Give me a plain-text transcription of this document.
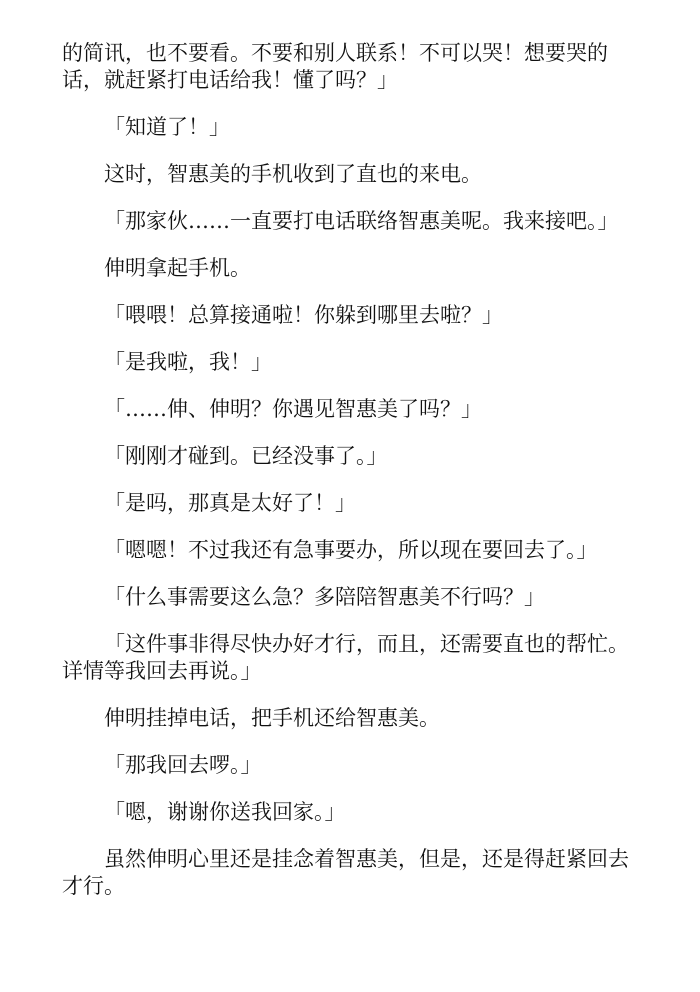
的简讯，也不要看。不要和别人联系！不可以哭！想要哭的话，就赶紧打电话给我！懂了吗？」

「知道了！」

这时，智惠美的手机收到了直也的来电。

「那家伙……一直要打电话联络智惠美呢。我来接吧。」

伸明拿起手机。

「喂喂！总算接通啦！你躲到哪里去啦？」

「是我啦，我！」

「……伸、伸明？你遇见智惠美了吗？」

「刚刚才碰到。已经没事了。」

「是吗，那真是太好了！」

「嗯嗯！不过我还有急事要办，所以现在要回去了。」

「什么事需要这么急？多陪陪智惠美不行吗？」

「这件事非得尽快办好才行，而且，还需要直也的帮忙。详情等我回去再说。」

伸明挂掉电话，把手机还给智惠美。

「那我回去啰。」

「嗯，谢谢你送我回家。」

虽然伸明心里还是挂念着智惠美，但是，还是得赶紧回去才行。
